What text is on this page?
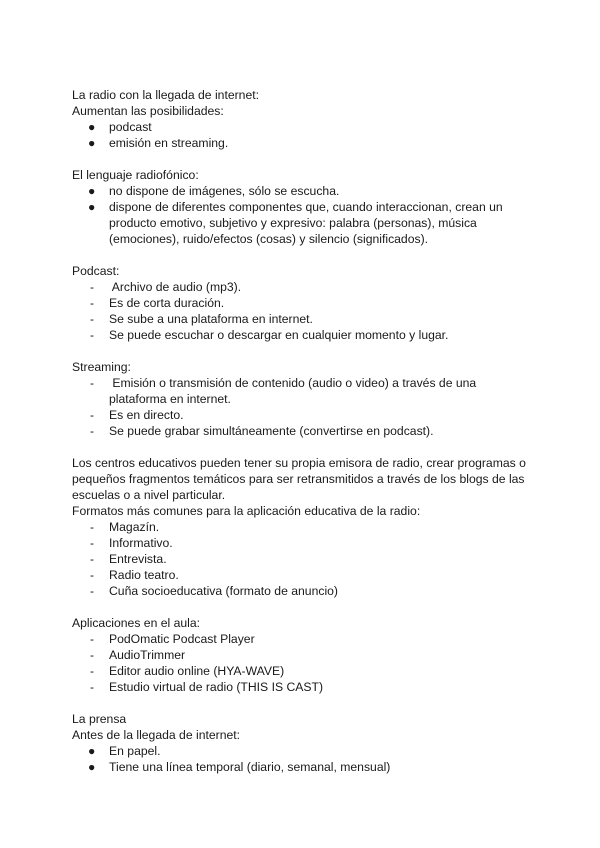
La radio con la llegada de internet:

Aumentan las posibilidades:

●	podcast
●	emisión en streaming.

El lenguaje radiofónico:

●	no dispone de imágenes, sólo se escucha.
●	dispone de diferentes componentes que, cuando interaccionan, crean un producto emotivo, subjetivo y expresivo: palabra (personas), música (emociones), ruido/efectos (cosas) y silencio (significados).

Podcast:

-	Archivo de audio (mp3).
-	Es de corta duración.
-	Se sube a una plataforma en internet.
-	Se puede escuchar o descargar en cualquier momento y lugar.

Streaming:

-	Emisión o transmisión de contenido (audio o video) a través de una plataforma en internet.
-	Es en directo.
-	Se puede grabar simultáneamente (convertirse en podcast).

Los centros educativos pueden tener su propia emisora de radio, crear programas o pequeños fragmentos temáticos para ser retransmitidos a través de los blogs de las escuelas o a nivel particular.

Formatos más comunes para la aplicación educativa de la radio:

-	Magazín.
-	Informativo.
-	Entrevista.
-	Radio teatro.
-	Cuña socioeducativa (formato de anuncio)

Aplicaciones en el aula:

-	PodOmatic Podcast Player
-	AudioTrimmer
-	Editor audio online (HYA-WAVE)
-	Estudio virtual de radio (THIS IS CAST)

La prensa

Antes de la llegada de internet:

●	En papel.
●	Tiene una línea temporal (diario, semanal, mensual)
